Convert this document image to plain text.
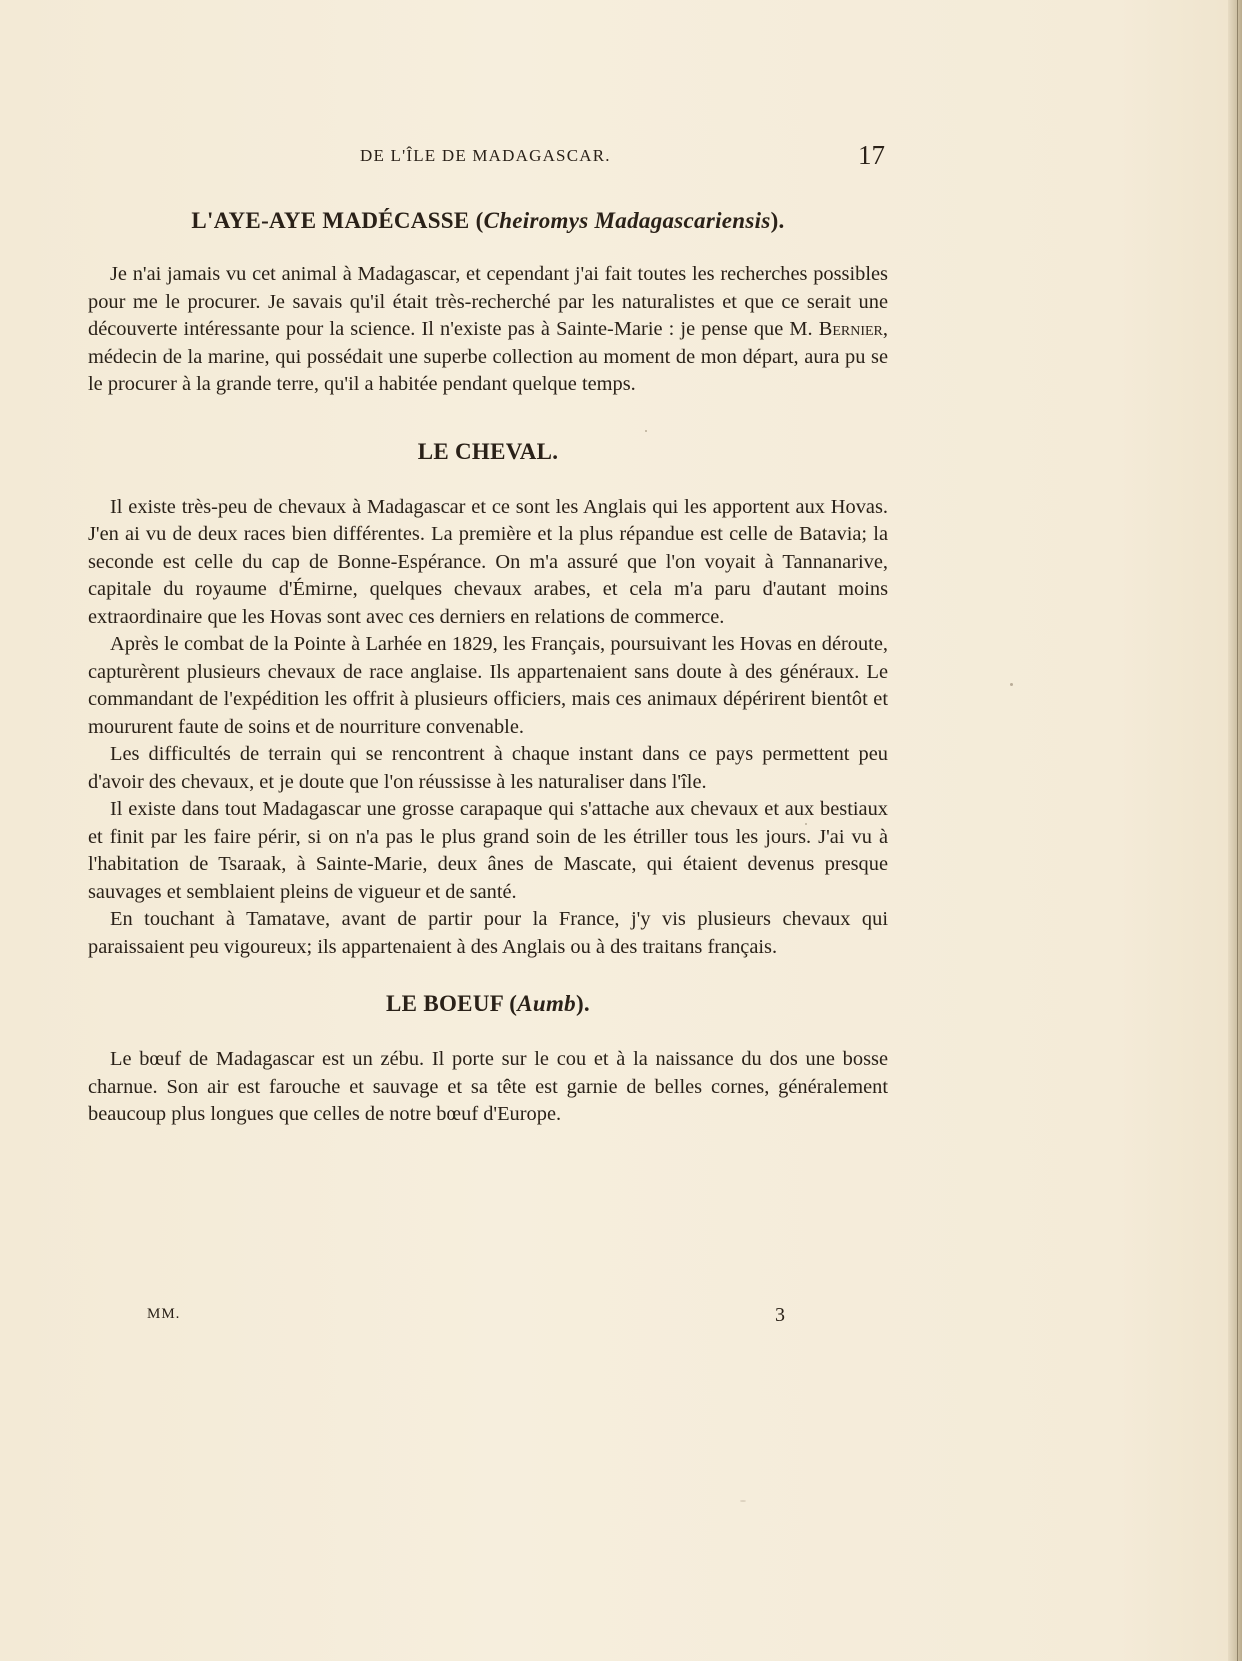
DE L'ÎLE DE MADAGASCAR.	17
L'AYE-AYE MADÉCASSE (Cheiromys Madagascariensis).

Je n'ai jamais vu cet animal à Madagascar, et cependant j'ai fait toutes les recherches possibles pour me le procurer. Je savais qu'il était très-recherché par les naturalistes et que ce serait une découverte intéressante pour la science. Il n'existe pas à Sainte-Marie : je pense que M. Bernier, médecin de la marine, qui possédait une superbe collection au moment de mon départ, aura pu se le procurer à la grande terre, qu'il a habitée pendant quelque temps.

LE CHEVAL.

Il existe très-peu de chevaux à Madagascar et ce sont les Anglais qui les apportent aux Hovas. J'en ai vu de deux races bien différentes. La première et la plus répandue est celle de Batavia; la seconde est celle du cap de Bonne-Espérance. On m'a assuré que l'on voyait à Tannanarive, capitale du royaume d'Émirne, quelques chevaux arabes, et cela m'a paru d'autant moins extraordinaire que les Hovas sont avec ces derniers en relations de commerce.

Après le combat de la Pointe à Larhée en 1829, les Français, poursuivant les Hovas en déroute, capturèrent plusieurs chevaux de race anglaise. Ils appartenaient sans doute à des généraux. Le commandant de l'expédition les offrit à plusieurs officiers, mais ces animaux dépérirent bientôt et moururent faute de soins et de nourriture convenable.

Les difficultés de terrain qui se rencontrent à chaque instant dans ce pays permettent peu d'avoir des chevaux, et je doute que l'on réussisse à les naturaliser dans l'île.

Il existe dans tout Madagascar une grosse carapaque qui s'attache aux chevaux et aux bestiaux et finit par les faire périr, si on n'a pas le plus grand soin de les étriller tous les jours. J'ai vu à l'habitation de Tsaraak, à Sainte-Marie, deux ânes de Mascate, qui étaient devenus presque sauvages et semblaient pleins de vigueur et de santé.

En touchant à Tamatave, avant de partir pour la France, j'y vis plusieurs chevaux qui paraissaient peu vigoureux; ils appartenaient à des Anglais ou à des traitans français.

LE BOEUF (Aumb).

Le bœuf de Madagascar est un zébu. Il porte sur le cou et à la naissance du dos une bosse charnue. Son air est farouche et sauvage et sa tête est garnie de belles cornes, généralement beaucoup plus longues que celles de notre bœuf d'Europe.

MM.	3
